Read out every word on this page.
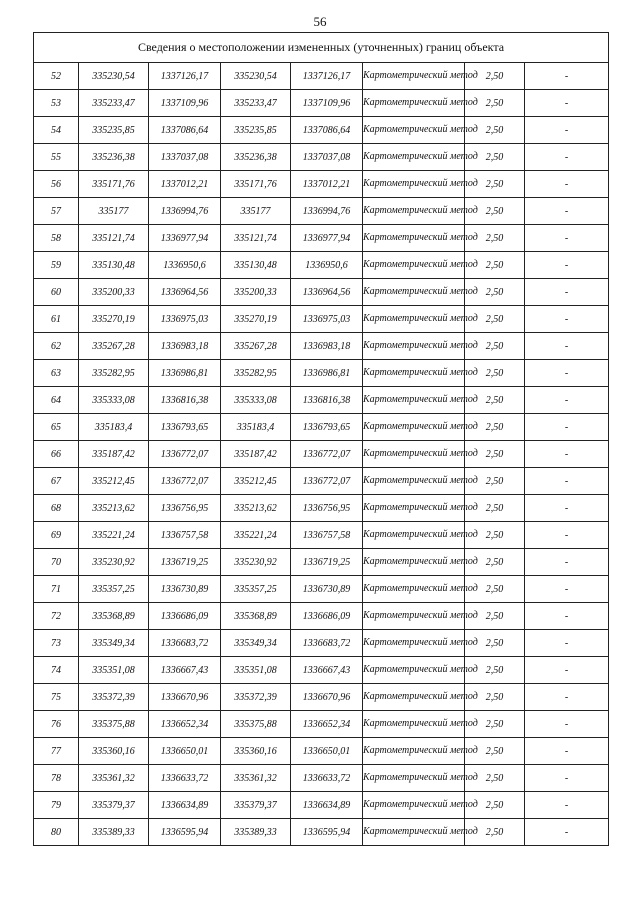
56
Сведения о местоположении измененных (уточненных) границ объекта							
52	335230,54	1337126,17	335230,54	1337126,17	Картометрический метод	2,50	-
53	335233,47	1337109,96	335233,47	1337109,96	Картометрический метод	2,50	-
54	335235,85	1337086,64	335235,85	1337086,64	Картометрический метод	2,50	-
55	335236,38	1337037,08	335236,38	1337037,08	Картометрический метод	2,50	-
56	335171,76	1337012,21	335171,76	1337012,21	Картометрический метод	2,50	-
57	335177	1336994,76	335177	1336994,76	Картометрический метод	2,50	-
58	335121,74	1336977,94	335121,74	1336977,94	Картометрический метод	2,50	-
59	335130,48	1336950,6	335130,48	1336950,6	Картометрический метод	2,50	-
60	335200,33	1336964,56	335200,33	1336964,56	Картометрический метод	2,50	-
61	335270,19	1336975,03	335270,19	1336975,03	Картометрический метод	2,50	-
62	335267,28	1336983,18	335267,28	1336983,18	Картометрический метод	2,50	-
63	335282,95	1336986,81	335282,95	1336986,81	Картометрический метод	2,50	-
64	335333,08	1336816,38	335333,08	1336816,38	Картометрический метод	2,50	-
65	335183,4	1336793,65	335183,4	1336793,65	Картометрический метод	2,50	-
66	335187,42	1336772,07	335187,42	1336772,07	Картометрический метод	2,50	-
67	335212,45	1336772,07	335212,45	1336772,07	Картометрический метод	2,50	-
68	335213,62	1336756,95	335213,62	1336756,95	Картометрический метод	2,50	-
69	335221,24	1336757,58	335221,24	1336757,58	Картометрический метод	2,50	-
70	335230,92	1336719,25	335230,92	1336719,25	Картометрический метод	2,50	-
71	335357,25	1336730,89	335357,25	1336730,89	Картометрический метод	2,50	-
72	335368,89	1336686,09	335368,89	1336686,09	Картометрический метод	2,50	-
73	335349,34	1336683,72	335349,34	1336683,72	Картометрический метод	2,50	-
74	335351,08	1336667,43	335351,08	1336667,43	Картометрический метод	2,50	-
75	335372,39	1336670,96	335372,39	1336670,96	Картометрический метод	2,50	-
76	335375,88	1336652,34	335375,88	1336652,34	Картометрический метод	2,50	-
77	335360,16	1336650,01	335360,16	1336650,01	Картометрический метод	2,50	-
78	335361,32	1336633,72	335361,32	1336633,72	Картометрический метод	2,50	-
79	335379,37	1336634,89	335379,37	1336634,89	Картометрический метод	2,50	-
80	335389,33	1336595,94	335389,33	1336595,94	Картометрический метод	2,50	-
